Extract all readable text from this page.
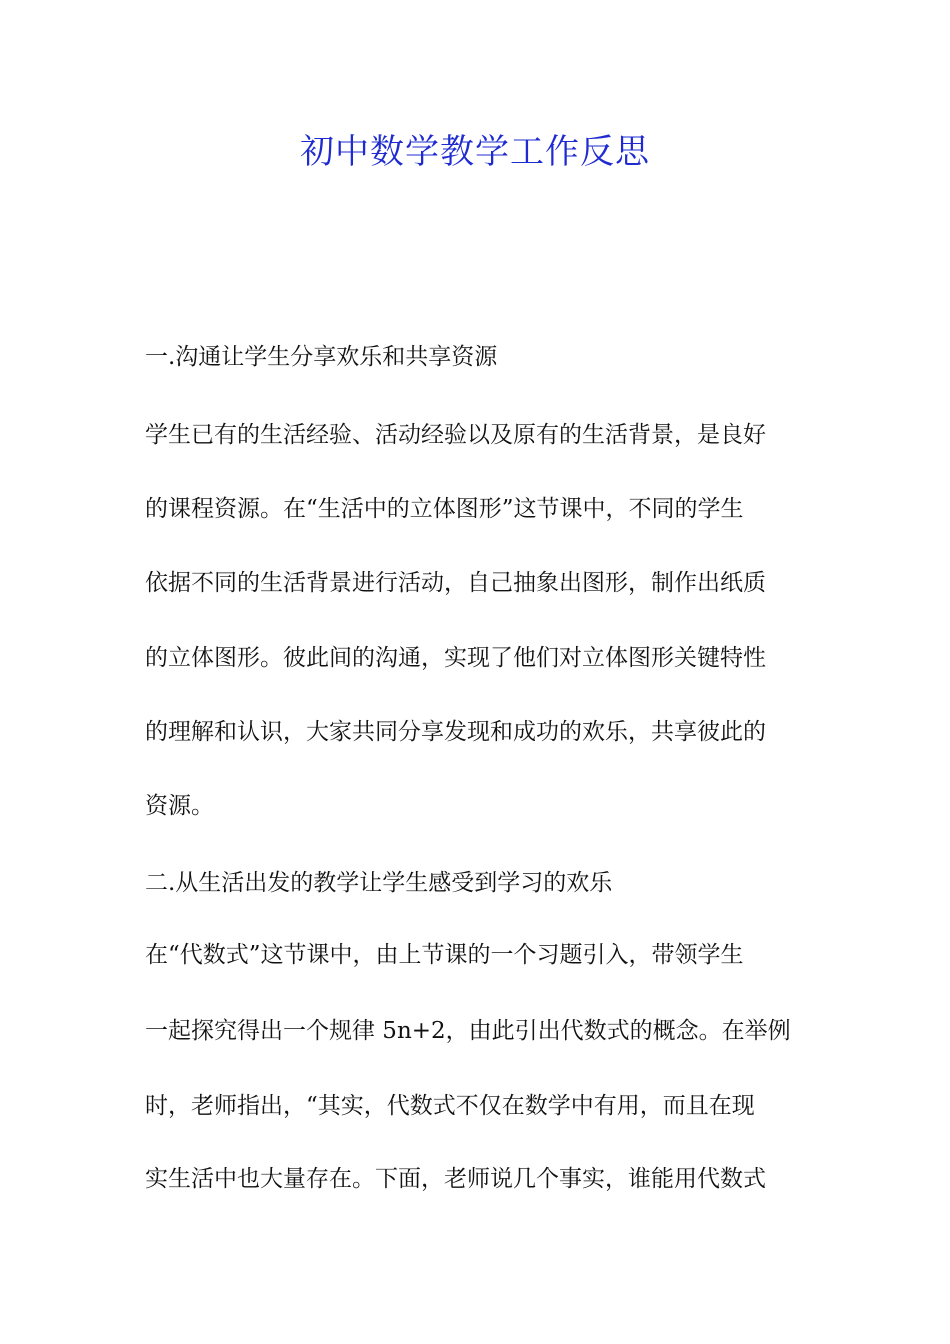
初中数学教学工作反思
一.沟通让学生分享欢乐和共享资源
学生已有的生活经验、活动经验以及原有的生活背景，是良好
的课程资源。在“生活中的立体图形”这节课中，不同的学生
依据不同的生活背景进行活动，自己抽象出图形，制作出纸质
的立体图形。彼此间的沟通，实现了他们对立体图形关键特性
的理解和认识，大家共同分享发现和成功的欢乐，共享彼此的
资源。
二.从生活出发的教学让学生感受到学习的欢乐
在“代数式”这节课中，由上节课的一个习题引入，带领学生
一起探究得出一个规律 5n+2，由此引出代数式的概念。在举例
时，老师指出，“其实，代数式不仅在数学中有用，而且在现
实生活中也大量存在。下面，老师说几个事实，谁能用代数式
